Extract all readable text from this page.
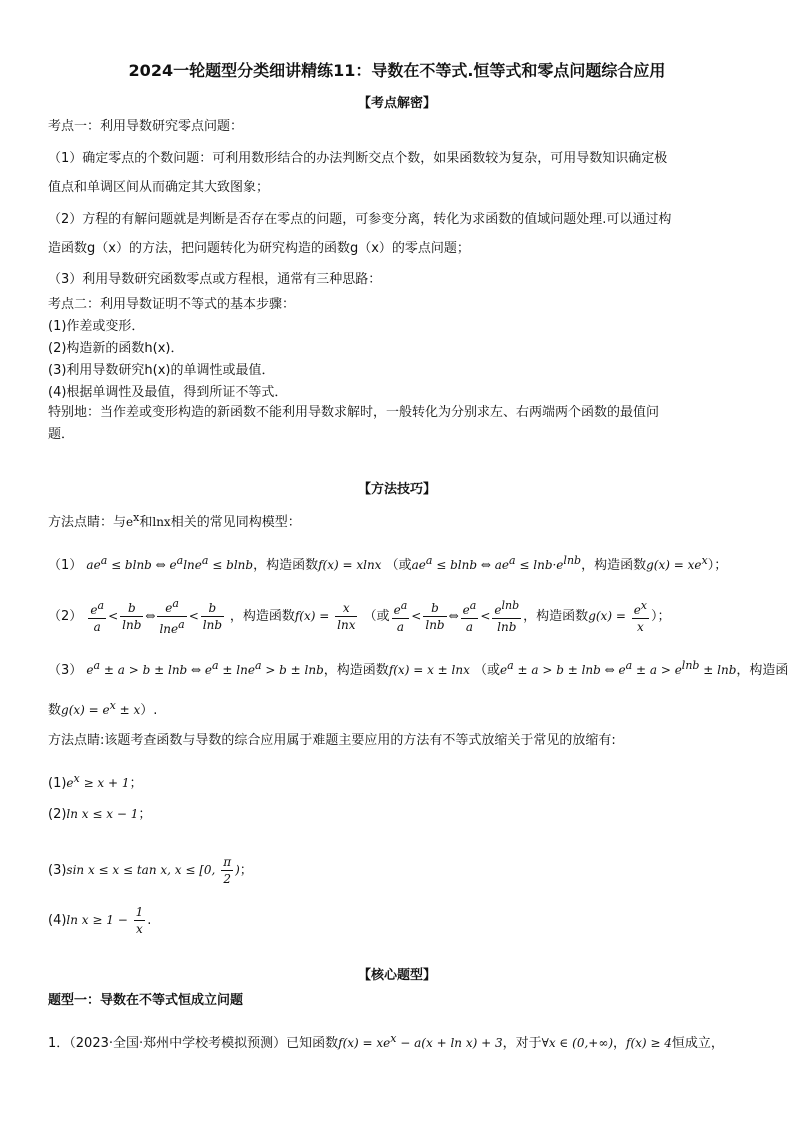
2024一轮题型分类细讲精练11：导数在不等式.恒等式和零点问题综合应用
【考点解密】
考点一：利用导数研究零点问题：
（1）确定零点的个数问题：可利用数形结合的办法判断交点个数，如果函数较为复杂，可用导数知识确定极
值点和单调区间从而确定其大致图象；
（2）方程的有解问题就是判断是否存在零点的问题，可参变分离，转化为求函数的值域问题处理.可以通过构
造函数g（x）的方法，把问题转化为研究构造的函数g（x）的零点问题；
（3）利用导数研究函数零点或方程根，通常有三种思路：
考点二：利用导数证明不等式的基本步骤：
(1)作差或变形．
(2)构造新的函数h(x)．
(3)利用导数研究h(x)的单调性或最值．
(4)根据单调性及最值，得到所证不等式．
特别地：当作差或变形构造的新函数不能利用导数求解时，一般转化为分别求左、右两端两个函数的最值问
题．
【方法技巧】
方法点睛：与$e^x$和lnx相关的常见同构模型：
（1） $ae^a \le blnb$ ⇔ $e^a\ln e^a \le blnb$，构造函数f(x) = xlnx （或$ae^a \le blnb$ ⇔ $ae^a \le \ln b\cdot e^{lnb}$，构造函数$g(x) = xe^x$）；
$(2) \frac{e^a}{a} < \frac{b}{\ln b}$ ⇔ $\frac{e^a}{\ln e^a} < \frac{b}{\ln b}$ ，构造函数$f(x) = \frac{x}{\ln x}$ （或 $\frac{e^a}{a} < \frac{b}{\ln b}$ ⇔ $\frac{e^a}{a} < \frac{e^{lnb}}{\ln b}$ ，构造函数$g(x) = \frac{e^x}{x}$ ）；
（3） $e^a \pm a > b \pm \ln b$ ⇔ $e^a \pm \ln e^a > b \pm \ln b$，构造函数f(x) = x ± lnx （或$e^a \pm a > b \pm \ln b$ ⇔ $e^a \pm a > e^{lnb} \pm \ln b$，构造函
数$g(x) = e^x \pm x$）.
方法点睛:该题考查函数与导数的综合应用属于难题主要应用的方法有不等式放缩关于常见的放缩有:
$(1)e^x \ge x + 1$；
(2)ln x ≤ x − 1；
(3)sin x ≤ x ≤ tan x, x ≤ [0, $\frac{\pi}{2}$ )；
(4)ln $x \ge 1 - \frac{1}{x}$ .
【核心题型】
题型一：导数在不等式恒成立问题
1．（2023·全国·郑州中学校考模拟预测）已知函数$f(x) = xe^x - a(x + \ln x) + 3$，对于∀x ∈ (0,+∞)，f(x) ≥ 4恒成立，
